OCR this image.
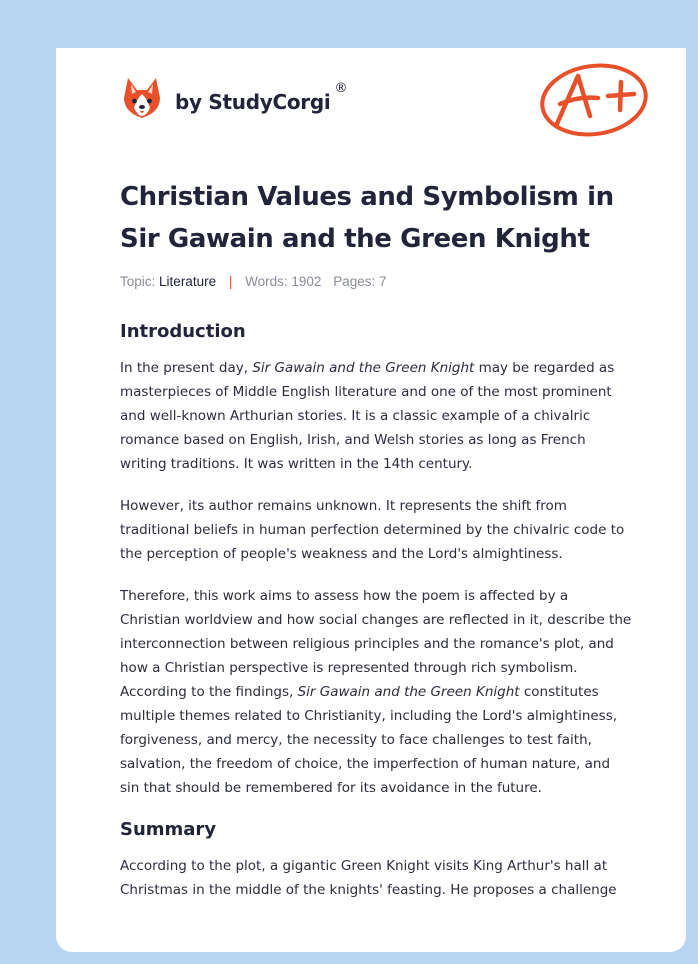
by StudyCorgi
®
Christian Values and Symbolism in
Sir Gawain and the Green Knight
Topic: Literature | Words: 1902 Pages: 7
Introduction

In the present day, Sir Gawain and the Green Knight may be regarded as masterpieces of Middle English literature and one of the most prominent and well-known Arthurian stories. It is a classic example of a chivalric romance based on English, Irish, and Welsh stories as long as French writing traditions. It was written in the 14th century.

However, its author remains unknown. It represents the shift from traditional beliefs in human perfection determined by the chivalric code to the perception of people's weakness and the Lord's almightiness.

Therefore, this work aims to assess how the poem is affected by a Christian worldview and how social changes are reflected in it, describe the interconnection between religious principles and the romance's plot, and how a Christian perspective is represented through rich symbolism. According to the findings, Sir Gawain and the Green Knight constitutes multiple themes related to Christianity, including the Lord's almightiness, forgiveness, and mercy, the necessity to face challenges to test faith, salvation, the freedom of choice, the imperfection of human nature, and sin that should be remembered for its avoidance in the future.

Summary

According to the plot, a gigantic Green Knight visits King Arthur's hall at Christmas in the middle of the knights' feasting. He proposes a challenge
